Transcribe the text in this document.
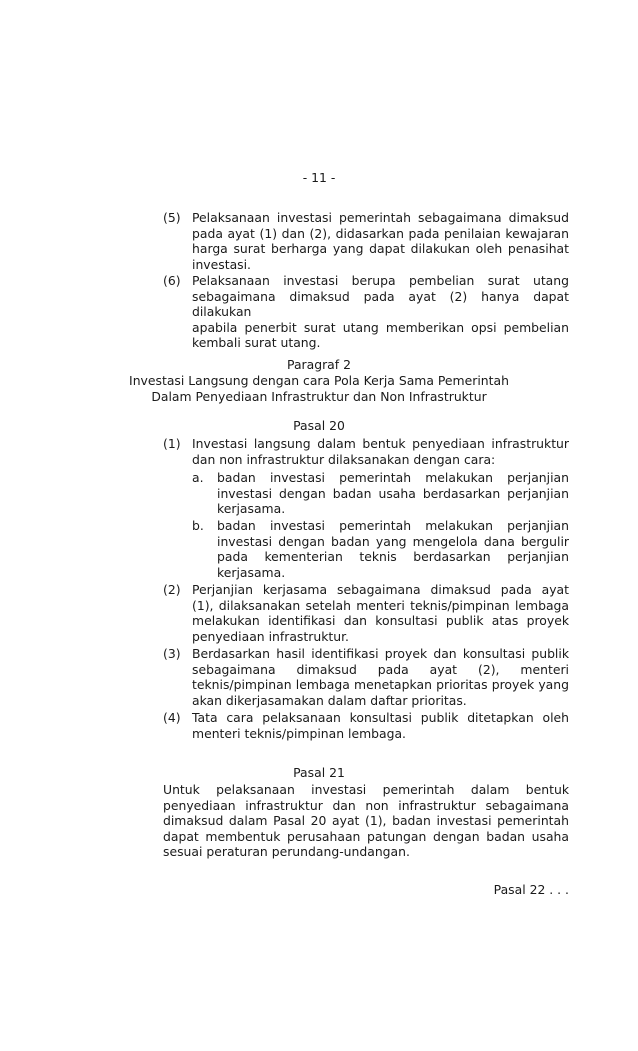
- 11 -
(5) Pelaksanaan investasi pemerintah sebagaimana dimaksud
pada ayat (1) dan (2), didasarkan pada penilaian kewajaran
harga surat berharga yang dapat dilakukan oleh penasihat
investasi.
(6) Pelaksanaan investasi berupa pembelian surat utang
sebagaimana dimaksud pada ayat (2) hanya dapat dilakukan
apabila penerbit surat utang memberikan opsi pembelian
kembali surat utang.
Paragraf 2
Investasi Langsung dengan cara Pola Kerja Sama Pemerintah
Dalam Penyediaan Infrastruktur dan Non Infrastruktur
Pasal 20
(1) Investasi langsung dalam bentuk penyediaan infrastruktur
dan non infrastruktur dilaksanakan dengan cara:
a. badan investasi pemerintah melakukan perjanjian
investasi dengan badan usaha berdasarkan perjanjian
kerjasama.
b. badan investasi pemerintah melakukan perjanjian
investasi dengan badan yang mengelola dana bergulir
pada kementerian teknis berdasarkan perjanjian
kerjasama.
(2) Perjanjian kerjasama sebagaimana dimaksud pada ayat
(1), dilaksanakan setelah menteri teknis/pimpinan lembaga
melakukan identifikasi dan konsultasi publik atas proyek
penyediaan infrastruktur.
(3) Berdasarkan hasil identifikasi proyek dan konsultasi publik
sebagaimana dimaksud pada ayat (2), menteri
teknis/pimpinan lembaga menetapkan prioritas proyek yang
akan dikerjasamakan dalam daftar prioritas.
(4) Tata cara pelaksanaan konsultasi publik ditetapkan oleh
menteri teknis/pimpinan lembaga.
Pasal 21
Untuk pelaksanaan investasi pemerintah dalam bentuk
penyediaan infrastruktur dan non infrastruktur sebagaimana
dimaksud dalam Pasal 20 ayat (1), badan investasi pemerintah
dapat membentuk perusahaan patungan dengan badan usaha
sesuai peraturan perundang-undangan.
Pasal 22 . . .
